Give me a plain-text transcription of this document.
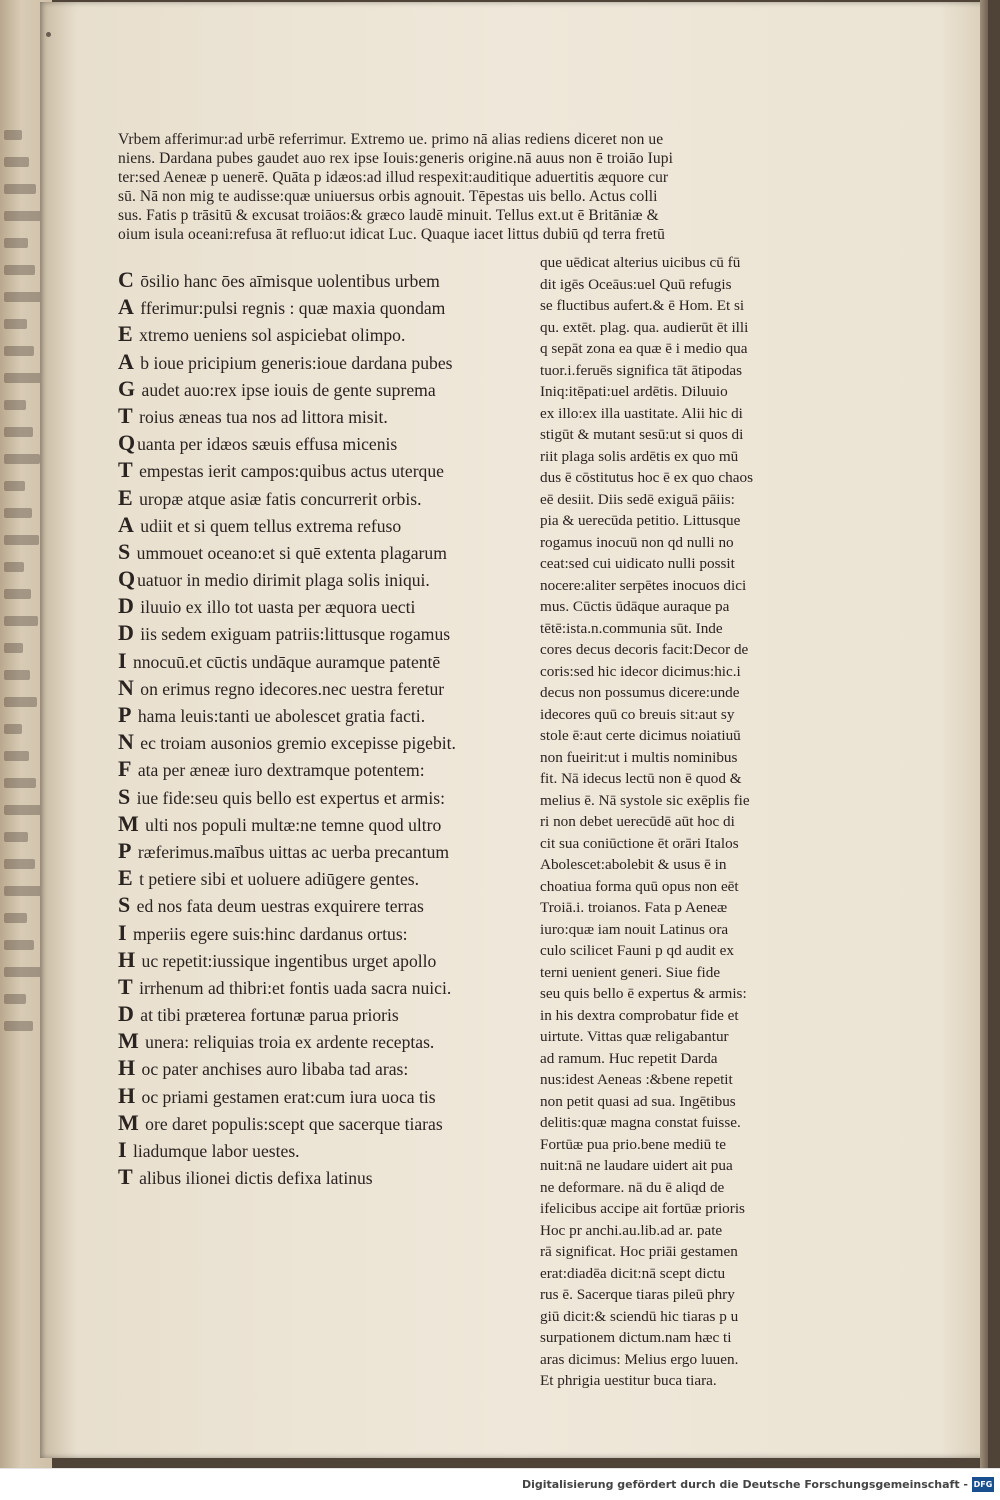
Vrbem afferimur:ad urbē referrimur. Extremo ue. primo nā alias rediens diceret non ue
niens. Dardana pubes gaudet auo rex ipse Iouis:generis origine.nā auus non ē troiāo Iupi
ter:sed Aeneæ p uenerē. Quāta p idæos:ad illud respexit:auditique aduertitis æquore cur
sū. Nā non mig te audisse:quæ uniuersus orbis agnouit. Tēpestas uis bello. Actus colli
sus. Fatis p trāsitū & excusat troiāos:& græco laudē minuit. Tellus ext.ut ē Britāniæ &
oium isula oceani:refusa āt refluo:ut idicat Luc. Quaque iacet littus dubiū qd terra fretū
C ōsilio hanc ōes aīmisque uolentibus urbem
A fferimur:pulsi regnis : quæ maxia quondam
E xtremo ueniens sol aspiciebat olimpo.
A b ioue pricipium generis:ioue dardana pubes
G audet auo:rex ipse iouis de gente suprema
T roius æneas tua nos ad littora misit.
Q uanta per idæos sæuis effusa micenis
T empestas ierit campos:quibus actus uterque
E uropæ atque asiæ fatis concurrerit orbis.
A udiit et si quem tellus extrema refuso
S ummouet oceano:et si quē extenta plagarum
Q uatuor in medio dirimit plaga solis iniqui.
D iluuio ex illo tot uasta per æquora uecti
D iis sedem exiguam patriis:littusque rogamus
I nnocuū.et cūctis undāque auramque patentē
N on erimus regno idecores.nec uestra feretur
P hama leuis:tanti ue abolescet gratia facti.
N ec troiam ausonios gremio excepisse pigebit.
F ata per æneæ iuro dextramque potentem:
S iue fide:seu quis bello est expertus et armis:
M ulti nos populi multæ:ne temne quod ultro
P ræferimus.maībus uittas ac uerba precantum
E t petiere sibi et uoluere adiūgere gentes.
S ed nos fata deum uestras exquirere terras
I mperiis egere suis:hinc dardanus ortus:
H uc repetit:iussique ingentibus urget apollo
T irrhenum ad thibri:et fontis uada sacra nuici.
D at tibi præterea fortunæ parua prioris
M unera: reliquias troia ex ardente receptas.
H oc pater anchises auro libaba tad aras:
H oc priami gestamen erat:cum iura uoca tis
M ore daret populis:scept que sacerque tiaras
I liadumque labor uestes.
T alibus ilionei dictis defixa latinus
que uēdicat alterius uicibus cū fū
dit igēs Oceāus:uel Quū refugis
se fluctibus aufert.& ē Hom. Et si
qu. extēt. plag. qua. audierūt ēt illi
q sepāt zona ea quæ ē i medio qua
tuor.i.feruēs significa tāt ātipodas
Iniq:itēpati:uel ardētis. Diluuio
ex illo:ex illa uastitate. Alii hic di
stigūt & mutant sesū:ut si quos di
riit plaga solis ardētis ex quo mū
dus ē cōstitutus hoc ē ex quo chaos
eē desiit. Diis sedē exiguā pāiis:
pia & uerecūda petitio. Littusque
rogamus inocuū non qd nulli no
ceat:sed cui uidicato nulli possit
nocere:aliter serpētes inocuos dici
mus. Cūctis ūdāque auraque pa
tētē:ista.n.communia sūt. Inde
cores decus decoris facit:Decor de
coris:sed hic idecor dicimus:hic.i
decus non possumus dicere:unde
idecores quū co breuis sit:aut sy
stole ē:aut certe dicimus noiatiuū
non fueirit:ut i multis nominibus
fit. Nā idecus lectū non ē quod &
melius ē. Nā systole sic exēplis fie
ri non debet uerecūdē aūt hoc di
cit sua coniūctione ēt orāri Italos
Abolescet:abolebit & usus ē in
choatiua forma quū opus non eēt
Troiā.i. troianos. Fata p Aeneæ
iuro:quæ iam nouit Latinus ora
culo scilicet Fauni p qd audit ex
terni uenient generi. Siue fide
seu quis bello ē expertus & armis:
in his dextra comprobatur fide et
uirtute. Vittas quæ religabantur
ad ramum. Huc repetit Darda
nus:idest Aeneas :&bene repetit
non petit quasi ad sua. Ingētibus
delitis:quæ magna constat fuisse.
Fortūæ pua prio.bene mediū te
nuit:nā ne laudare uidert ait pua
ne deformare. nā du ē aliqd de
ifelicibus accipe ait fortūæ prioris
Hoc pr anchi.au.lib.ad ar. pate
rā significat. Hoc priāi gestamen
erat:diadēa dicit:nā scept dictu
rus ē. Sacerque tiaras pileū phry
giū dicit:& sciendū hic tiaras p u
surpationem dictum.nam hæc ti
aras dicimus: Melius ergo luuen.
Et phrigia uestitur buca tiara.
Digitalisierung gefördert durch die Deutsche Forschungsgemeinschaft - DFG
